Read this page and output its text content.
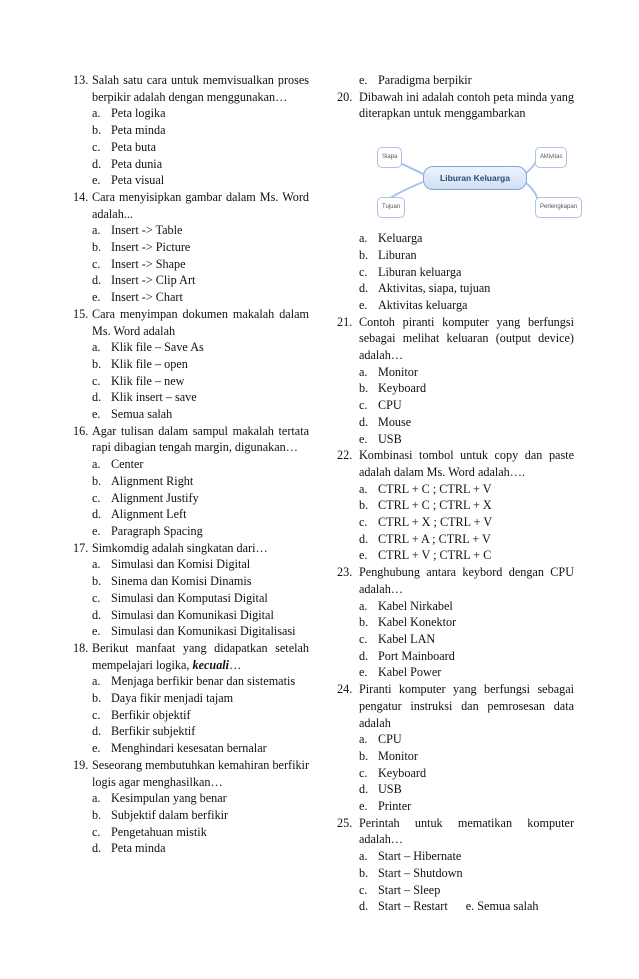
13. Salah satu cara untuk memvisualkan proses berpikir adalah dengan menggunakan…
a. Peta logika
b. Peta minda
c. Peta buta
d. Peta dunia
e. Peta visual
14. Cara menyisipkan gambar dalam Ms. Word adalah...
a. Insert -> Table
b. Insert -> Picture
c. Insert -> Shape
d. Insert -> Clip Art
e. Insert -> Chart
15. Cara menyimpan dokumen makalah dalam Ms. Word adalah
a. Klik file – Save As
b. Klik file – open
c. Klik file – new
d. Klik insert – save
e. Semua salah
16. Agar tulisan dalam sampul makalah tertata rapi dibagian tengah margin, digunakan…
a. Center
b. Alignment Right
c. Alignment Justify
d. Alignment Left
e. Paragraph Spacing
17. Simkomdig adalah singkatan dari…
a. Simulasi dan Komisi Digital
b. Sinema dan Komisi Dinamis
c. Simulasi dan Komputasi Digital
d. Simulasi dan Komunikasi Digital
e. Simulasi dan Komunikasi Digitalisasi
18. Berikut manfaat yang didapatkan setelah mempelajari logika, kecuali…
a. Menjaga berfikir benar dan sistematis
b. Daya fikir menjadi tajam
c. Berfikir objektif
d. Berfikir subjektif
e. Menghindari kesesatan bernalar
19. Seseorang membutuhkan kemahiran berfikir logis agar menghasilkan…
a. Kesimpulan yang benar
b. Subjektif dalam berfikir
c. Pengetahuan mistik
d. Peta minda
e. Paradigma berpikir
20. Dibawah ini adalah contoh peta minda yang diterapkan untuk menggambarkan
Siapa	Aktivitas
Tujuan	Perlengkapan
Liburan Keluarga
a. Keluarga
b. Liburan
c. Liburan keluarga
d. Aktivitas, siapa, tujuan
e. Aktivitas keluarga
21. Contoh piranti komputer yang berfungsi sebagai melihat keluaran (output device) adalah…
a. Monitor
b. Keyboard
c. CPU
d. Mouse
e. USB
22. Kombinasi tombol untuk copy dan paste adalah dalam Ms. Word adalah….
a. CTRL + C ; CTRL + V
b. CTRL + C ; CTRL + X
c. CTRL + X ; CTRL + V
d. CTRL + A ; CTRL + V
e. CTRL + V ; CTRL + C
23. Penghubung antara keybord dengan CPU adalah…
a. Kabel Nirkabel
b. Kabel Konektor
c. Kabel LAN
d. Port Mainboard
e. Kabel Power
24. Piranti komputer yang berfungsi sebagai pengatur instruksi dan pemrosesan data adalah
a. CPU
b. Monitor
c. Keyboard
d. USB
e. Printer
25. Perintah untuk mematikan komputer adalah…
a. Start – Hibernate
b. Start – Shutdown
c. Start – Sleep
d. Start – Restart e. Semua salah
